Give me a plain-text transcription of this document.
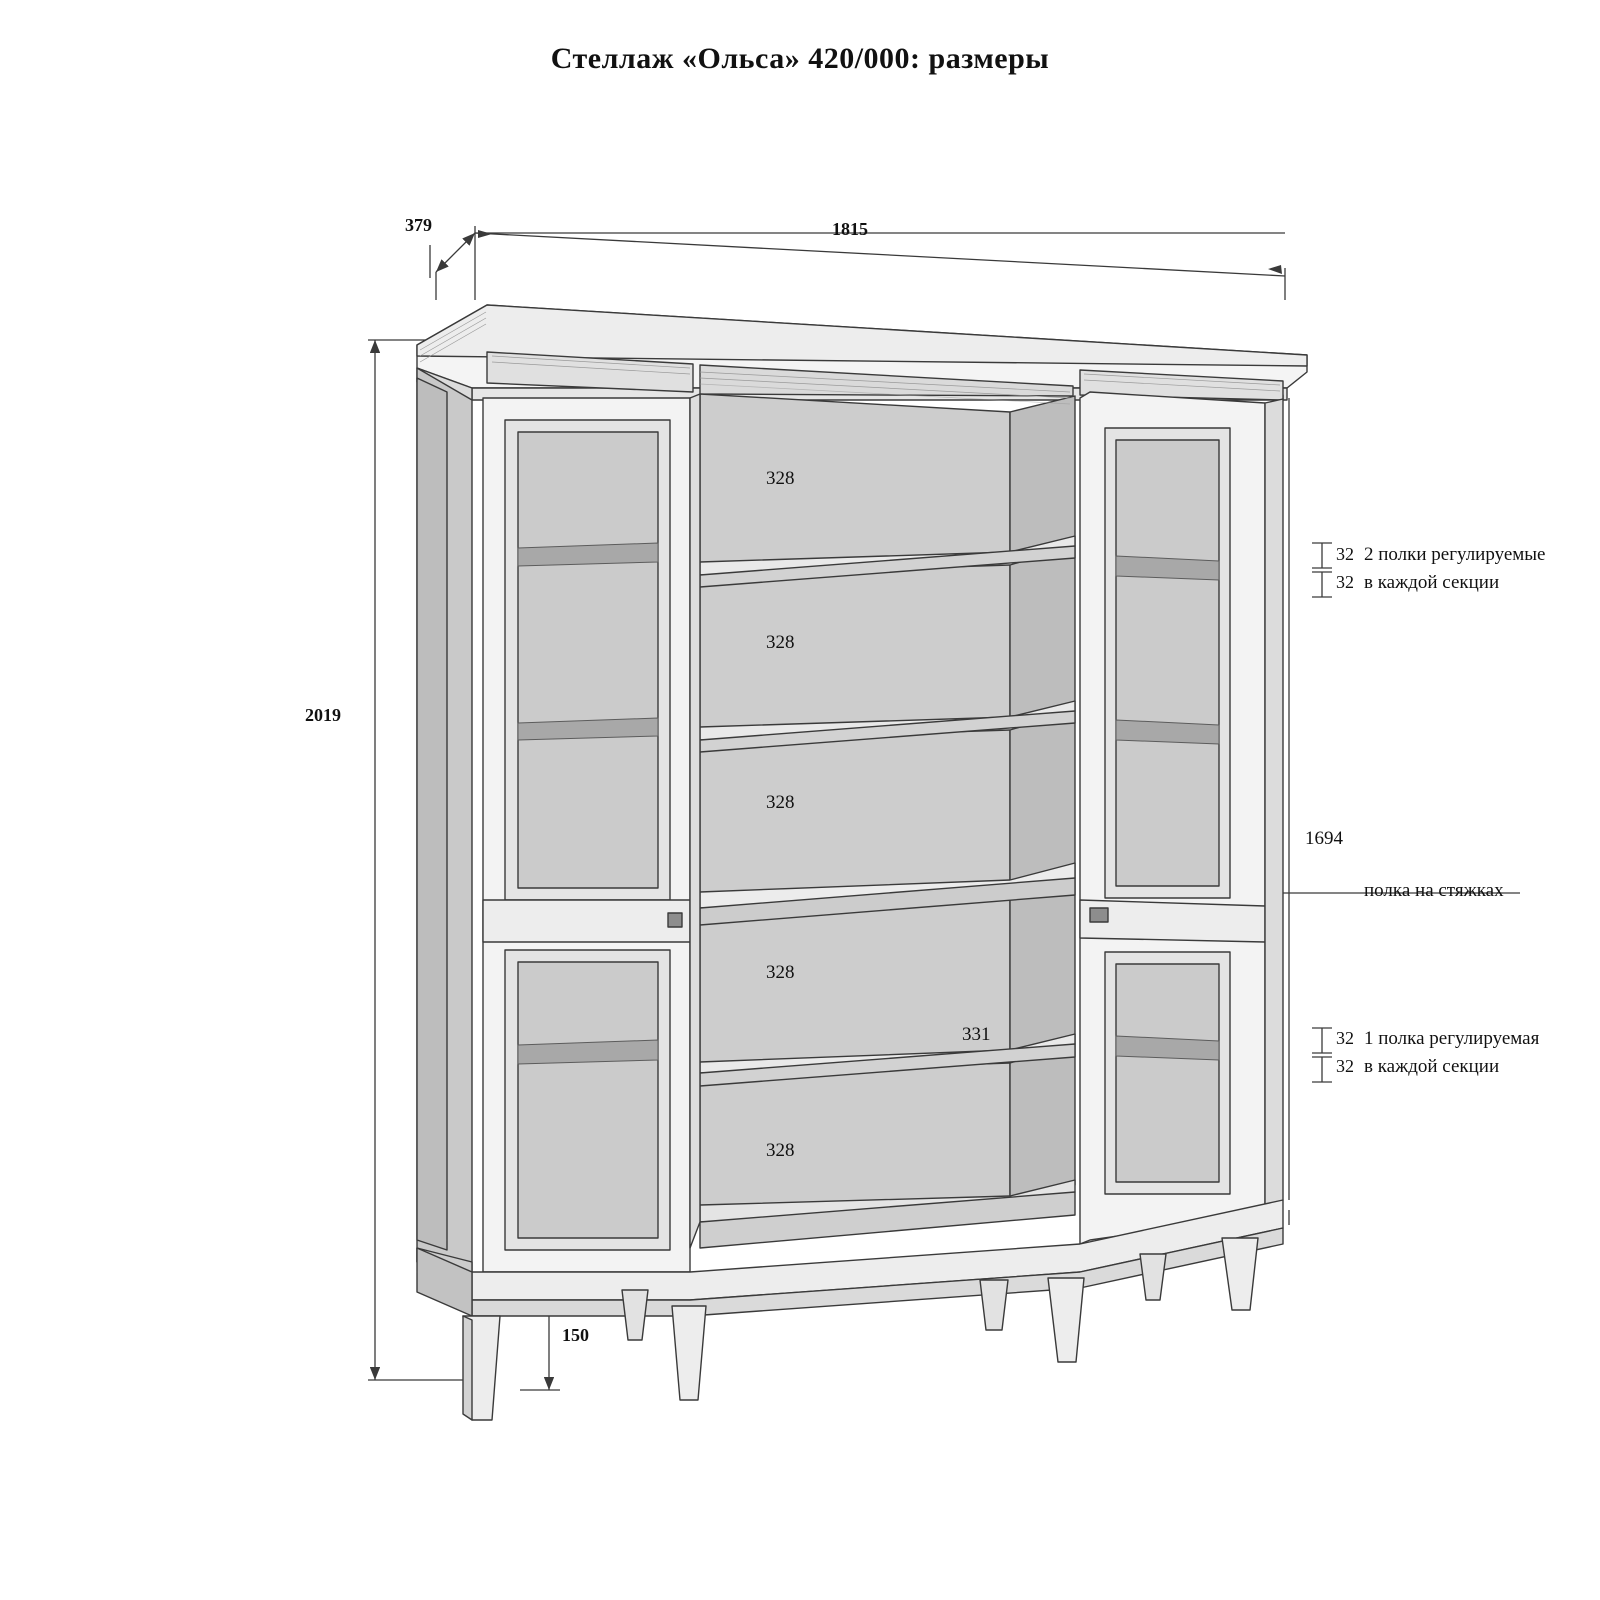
Стеллаж «Ольса» 420/000: размеры
379	1815
2019
150
328
328
328
328
328
331
1694
32
32
32
32
2 полки регулируемые
в каждой секции
полка на стяжках
1 полка регулируемая
в каждой секции
